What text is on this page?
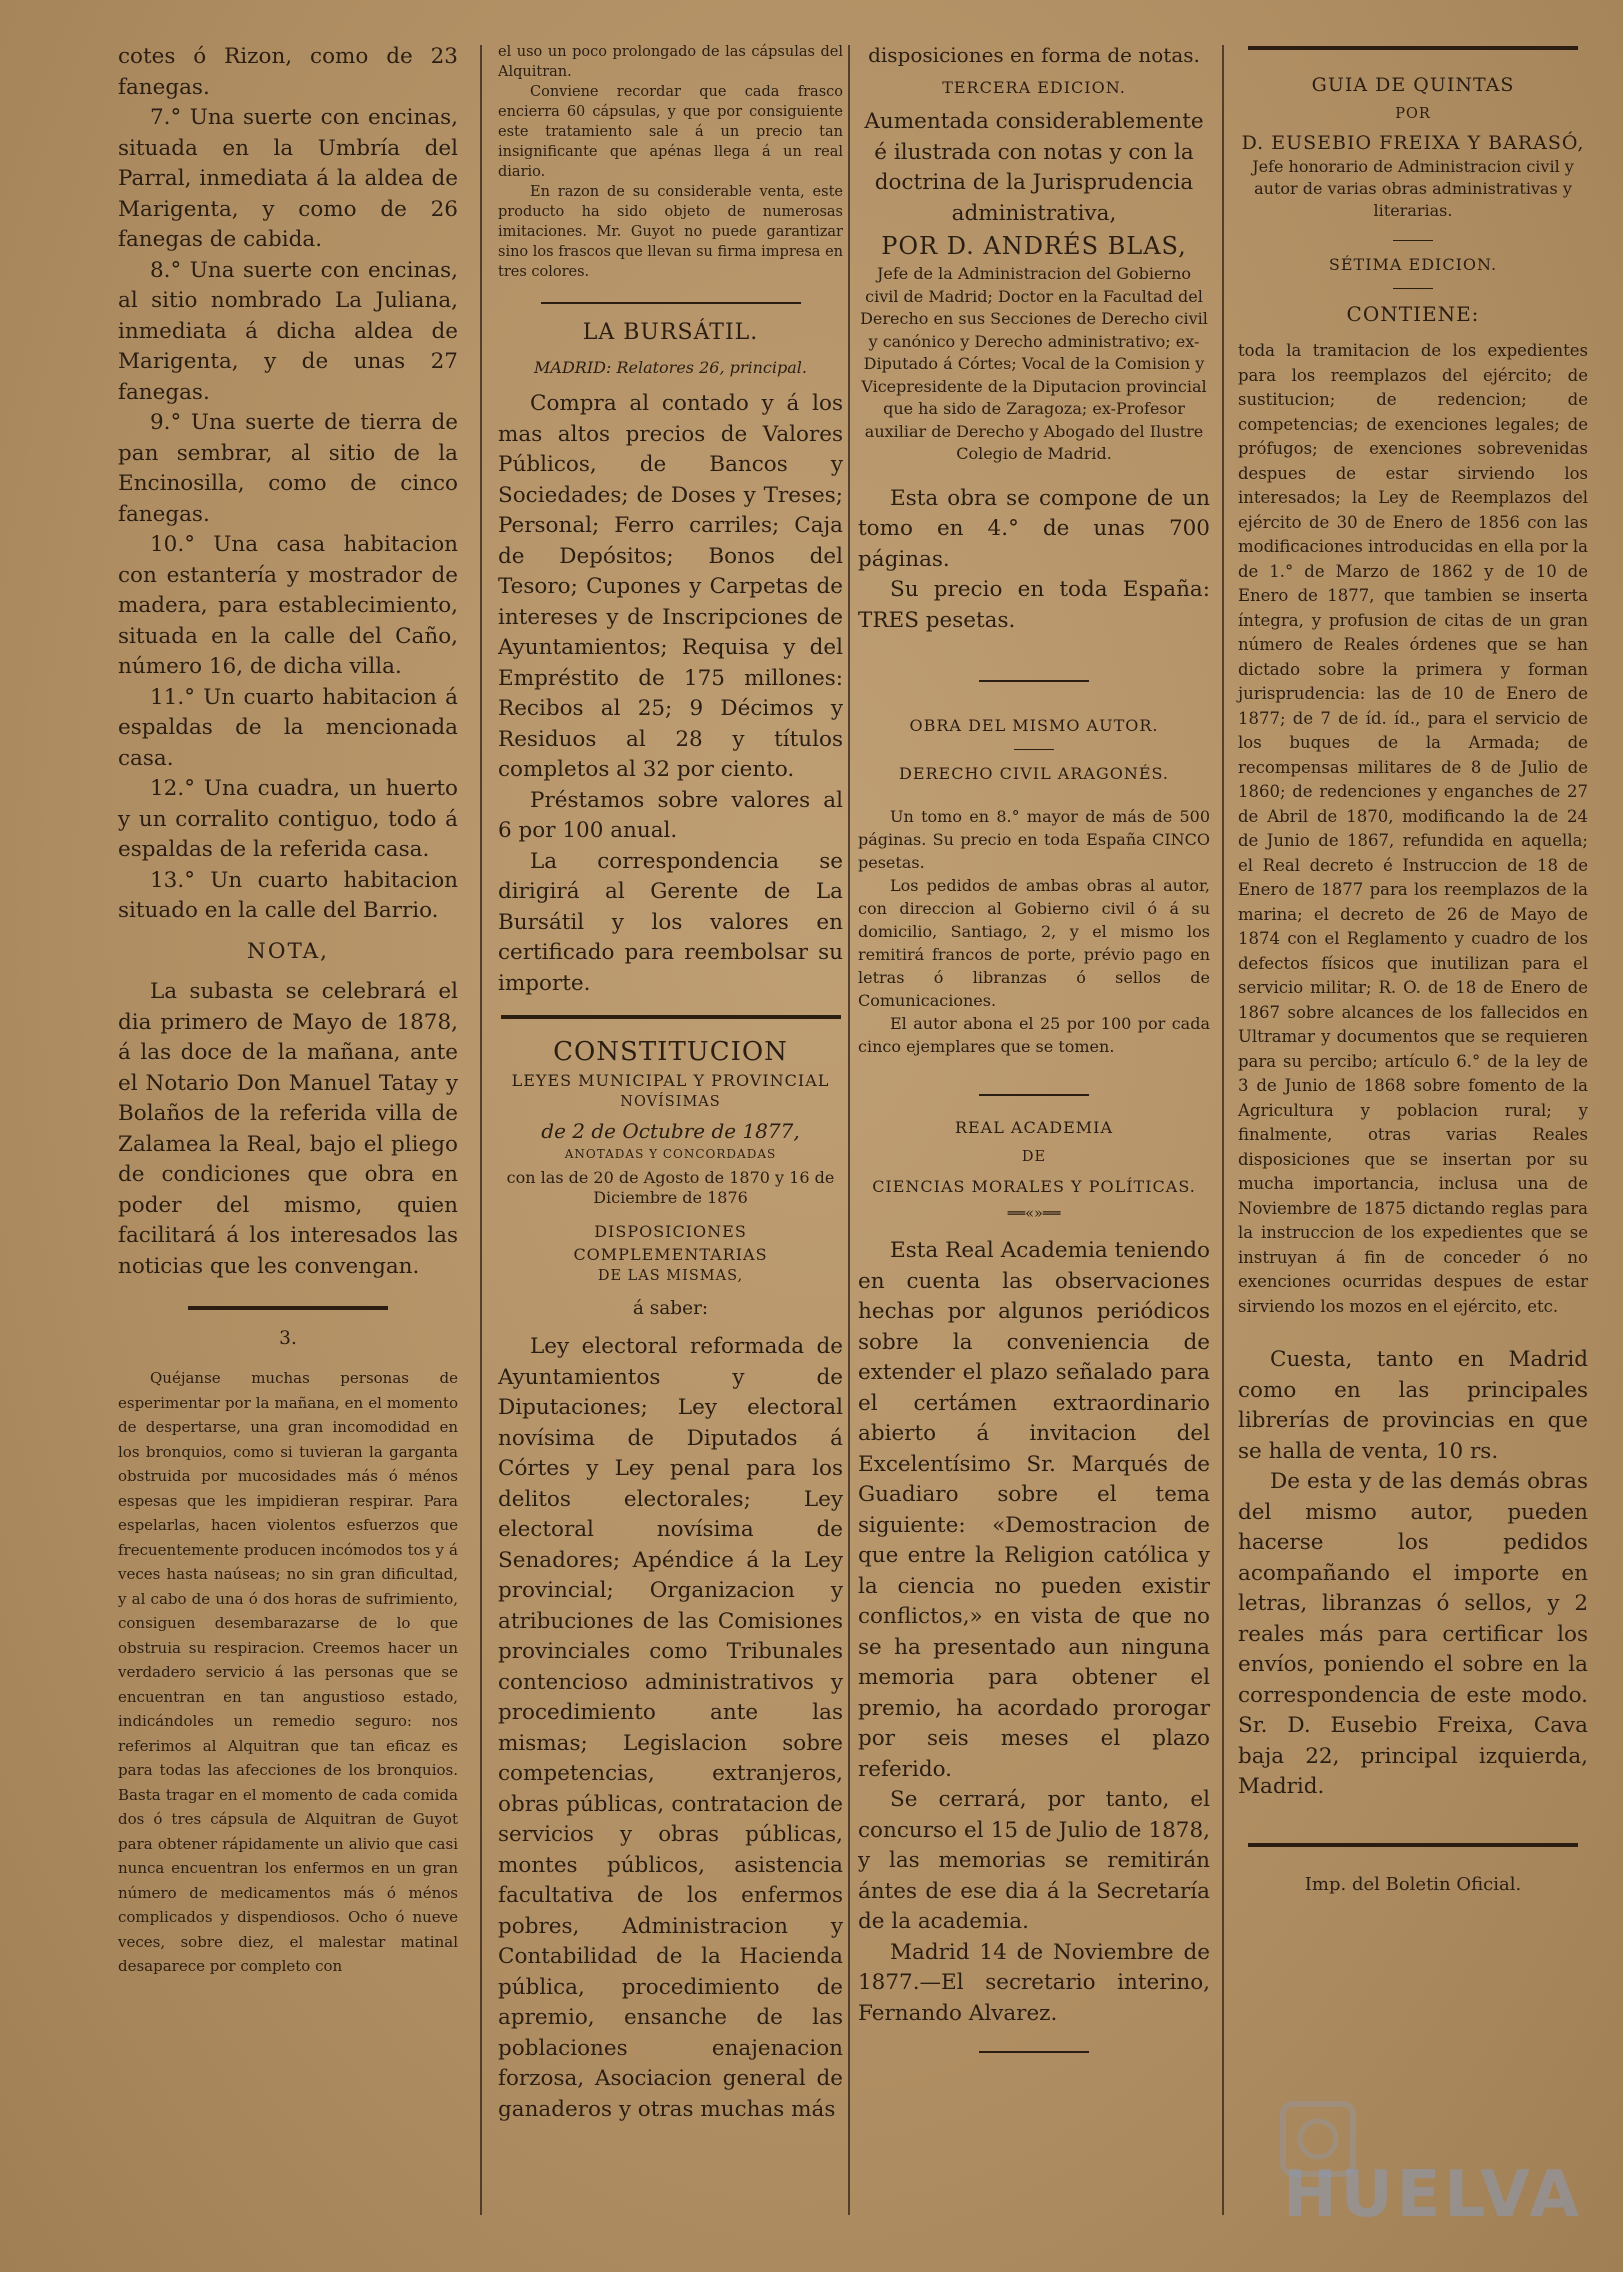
cotes ó Rizon, como de 23 fanegas.

7.° Una suerte con encinas, situada en la Umbría del Parral, inmediata á la aldea de Marigenta, y como de 26 fanegas de cabida.

8.° Una suerte con encinas, al sitio nombrado La Juliana, inmediata á dicha aldea de Marigenta, y de unas 27 fanegas.

9.° Una suerte de tierra de pan sembrar, al sitio de la Encinosilla, como de cinco fanegas.

10.° Una casa habitacion con estantería y mostrador de madera, para establecimiento, situada en la calle del Caño, número 16, de dicha villa.

11.° Un cuarto habitacion á espaldas de la mencionada casa.

12.° Una cuadra, un huerto y un corralito contiguo, todo á espaldas de la referida casa.

13.° Un cuarto habitacion situado en la calle del Barrio.

NOTA,

La subasta se celebrará el dia primero de Mayo de 1878, á las doce de la mañana, ante el Notario Don Manuel Tatay y Bolaños de la referida villa de Zalamea la Real, bajo el pliego de condiciones que obra en poder del mismo, quien facilitará á los interesados las noticias que les convengan.

3.

Quéjanse muchas personas de esperimentar por la mañana, en el momento de despertarse, una gran incomodidad en los bronquios, como si tuvieran la garganta obstruida por mucosidades más ó ménos espesas que les impidieran respirar. Para espelarlas, hacen violentos esfuerzos que frecuentemente producen incómodos tos y á veces hasta naúseas; no sin gran dificultad, y al cabo de una ó dos horas de sufrimiento, consiguen desembarazarse de lo que obstruia su respiracion. Creemos hacer un verdadero servicio á las personas que se encuentran en tan angustioso estado, indicándoles un remedio seguro: nos referimos al Alquitran que tan eficaz es para todas las afecciones de los bronquios. Basta tragar en el momento de cada comida dos ó tres cápsula de Alquitran de Guyot para obtener rápidamente un alivio que casi nunca encuentran los enfermos en un gran número de medicamentos más ó ménos complicados y dispendiosos. Ocho ó nueve veces, sobre diez, el malestar matinal desaparece por completo con

el uso un poco prolongado de las cápsulas del Alquitran.

Conviene recordar que cada frasco encierra 60 cápsulas, y que por consiguiente este tratamiento sale á un precio tan insignificante que apénas llega á un real diario.

En razon de su considerable venta, este producto ha sido objeto de numerosas imitaciones. Mr. Guyot no puede garantizar sino los frascos que llevan su firma impresa en tres colores.

LA BURSÁTIL.

MADRID: Relatores 26, principal.

Compra al contado y á los mas altos precios de Valores Públicos, de Bancos y Sociedades; de Doses y Treses; Personal; Ferro carriles; Caja de Depósitos; Bonos del Tesoro; Cupones y Carpetas de intereses y de Inscripciones de Ayuntamientos; Requisa y del Empréstito de 175 millones: Recibos al 25; 9 Décimos y Residuos al 28 y títulos completos al 32 por ciento.

Préstamos sobre valores al 6 por 100 anual.

La correspondencia se dirigirá al Gerente de La Bursátil y los valores en certificado para reembolsar su importe.

CONSTITUCION

LEYES MUNICIPAL Y PROVINCIAL

NOVÍSIMAS

de 2 de Octubre de 1877,

ANOTADAS Y CONCORDADAS

con las de 20 de Agosto de 1870 y 16 de Diciembre de 1876

DISPOSICIONES COMPLEMENTARIAS

DE LAS MISMAS,

á saber:

Ley electoral reformada de Ayuntamientos y de Diputaciones; Ley electoral novísima de Diputados á Córtes y Ley penal para los delitos electorales; Ley electoral novísima de Senadores; Apéndice á la Ley provincial; Organizacion y atribuciones de las Comisiones provinciales como Tribunales contencioso administrativos y procedimiento ante las mismas; Legislacion sobre competencias, extranjeros, obras públicas, contratacion de servicios y obras públicas, montes públicos, asistencia facultativa de los enfermos pobres, Administracion y Contabilidad de la Hacienda pública, procedimiento de apremio, ensanche de las poblaciones enajenacion forzosa, Asociacion general de ganaderos y otras muchas más

disposiciones en forma de notas.

TERCERA EDICION.

Aumentada considerablemente é ilustrada con notas y con la doctrina de la Jurisprudencia administrativa,

POR D. ANDRÉS BLAS,

Jefe de la Administracion del Gobierno civil de Madrid; Doctor en la Facultad del Derecho en sus Secciones de Derecho civil y canónico y Derecho administrativo; ex-Diputado á Córtes; Vocal de la Comision y Vicepresidente de la Diputacion provincial que ha sido de Zaragoza; ex-Profesor auxiliar de Derecho y Abogado del Ilustre Colegio de Madrid.

Esta obra se compone de un tomo en 4.° de unas 700 páginas.

Su precio en toda España: TRES pesetas.

OBRA DEL MISMO AUTOR.

DERECHO CIVIL ARAGONÉS.

Un tomo en 8.° mayor de más de 500 páginas. Su precio en toda España CINCO pesetas.

Los pedidos de ambas obras al autor, con direccion al Gobierno civil ó á su domicilio, Santiago, 2, y el mismo los remitirá francos de porte, prévio pago en letras ó libranzas ó sellos de Comunicaciones.

El autor abona el 25 por 100 por cada cinco ejemplares que se tomen.

REAL ACADEMIA

DE

CIENCIAS MORALES Y POLÍTICAS.

══«»══

Esta Real Academia teniendo en cuenta las observaciones hechas por algunos periódicos sobre la conveniencia de extender el plazo señalado para el certámen extraordinario abierto á invitacion del Excelentísimo Sr. Marqués de Guadiaro sobre el tema siguiente: «Demostracion de que entre la Religion católica y la ciencia no pueden existir conflictos,» en vista de que no se ha presentado aun ninguna memoria para obtener el premio, ha acordado prorogar por seis meses el plazo referido.

Se cerrará, por tanto, el concurso el 15 de Julio de 1878, y las memorias se remitirán ántes de ese dia á la Secretaría de la academia.

Madrid 14 de Noviembre de 1877.—El secretario interino, Fernando Alvarez.

GUIA DE QUINTAS

POR

D. EUSEBIO FREIXA Y BARASÓ,

Jefe honorario de Administracion civil y autor de varias obras administrativas y literarias.

SÉTIMA EDICION.

CONTIENE:

toda la tramitacion de los expedientes para los reemplazos del ejército; de sustitucion; de redencion; de competencias; de exenciones legales; de prófugos; de exenciones sobrevenidas despues de estar sirviendo los interesados; la Ley de Reemplazos del ejército de 30 de Enero de 1856 con las modificaciones introducidas en ella por la de 1.° de Marzo de 1862 y de 10 de Enero de 1877, que tambien se inserta íntegra, y profusion de citas de un gran número de Reales órdenes que se han dictado sobre la primera y forman jurisprudencia: las de 10 de Enero de 1877; de 7 de íd. íd., para el servicio de los buques de la Armada; de recompensas militares de 8 de Julio de 1860; de redenciones y enganches de 27 de Abril de 1870, modificando la de 24 de Junio de 1867, refundida en aquella; el Real decreto é Instruccion de 18 de Enero de 1877 para los reemplazos de la marina; el decreto de 26 de Mayo de 1874 con el Reglamento y cuadro de los defectos físicos que inutilizan para el servicio militar; R. O. de 18 de Enero de 1867 sobre alcances de los fallecidos en Ultramar y documentos que se requieren para su percibo; artículo 6.° de la ley de 3 de Junio de 1868 sobre fomento de la Agricultura y poblacion rural; y finalmente, otras varias Reales disposiciones que se insertan por su mucha importancia, inclusa una de Noviembre de 1875 dictando reglas para la instruccion de los expedientes que se instruyan á fin de conceder ó no exenciones ocurridas despues de estar sirviendo los mozos en el ejército, etc.

Cuesta, tanto en Madrid como en las principales librerías de provincias en que se halla de venta, 10 rs.

De esta y de las demás obras del mismo autor, pueden hacerse los pedidos acompañando el importe en letras, libranzas ó sellos, y 2 reales más para certificar los envíos, poniendo el sobre en la correspondencia de este modo. Sr. D. Eusebio Freixa, Cava baja 22, principal izquierda, Madrid.

Imp. del Boletin Oficial.

HUELVA
